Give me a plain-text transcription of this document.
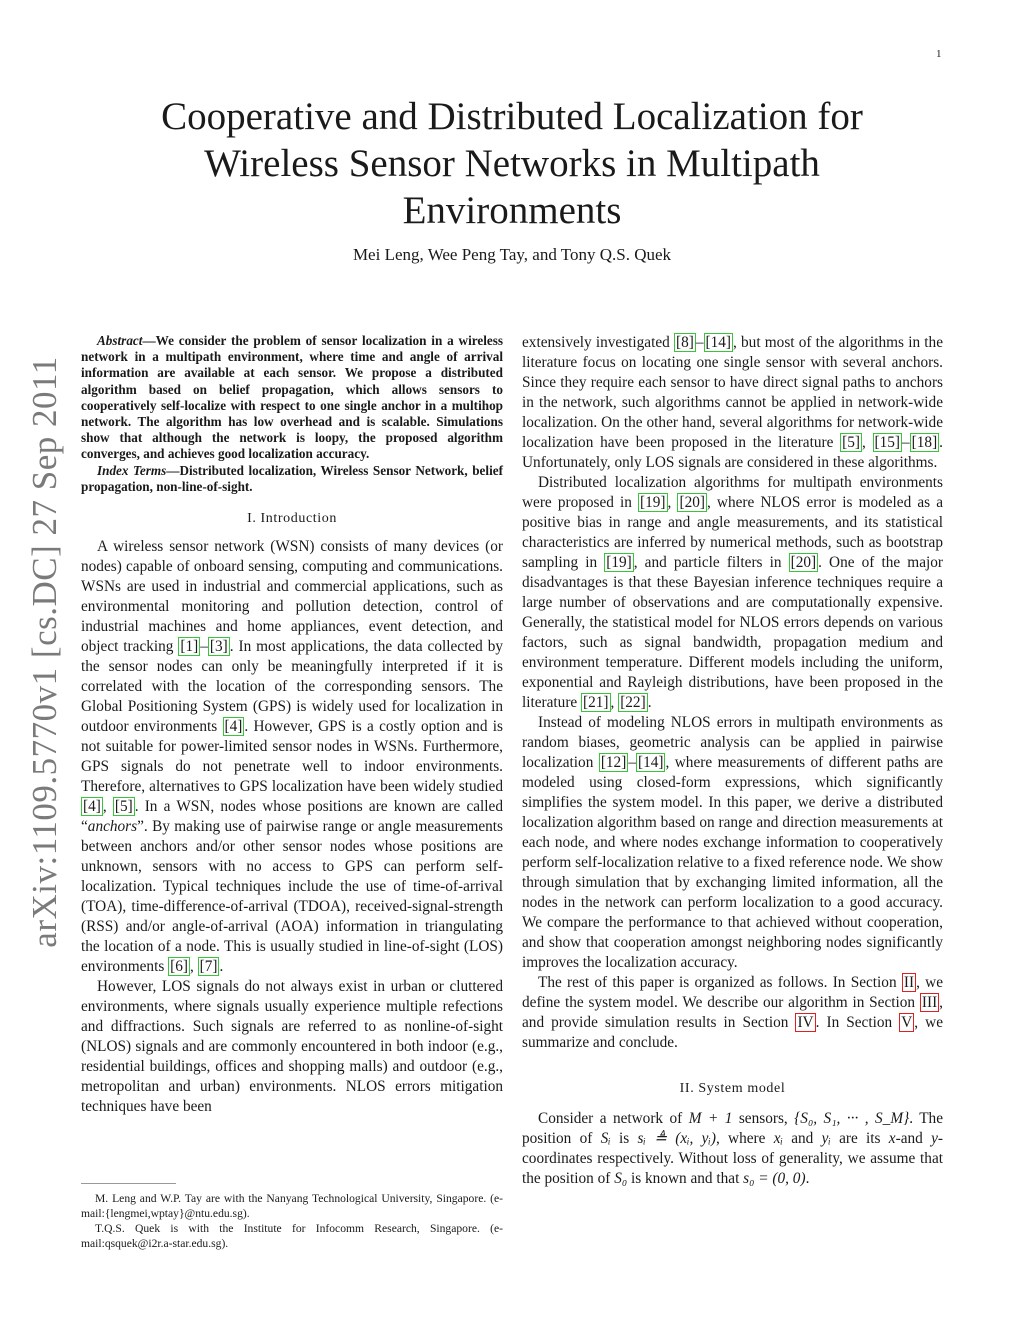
1
arXiv:1109.5770v1 [cs.DC] 27 Sep 2011
Cooperative and Distributed Localization for Wireless Sensor Networks in Multipath Environments
Mei Leng, Wee Peng Tay, and Tony Q.S. Quek

Abstract—We consider the problem of sensor localization in a wireless network in a multipath environment, where time and angle of arrival information are available at each sensor. We propose a distributed algorithm based on belief propagation, which allows sensors to cooperatively self-localize with respect to one single anchor in a multihop network. The algorithm has low overhead and is scalable. Simulations show that although the network is loopy, the proposed algorithm converges, and achieves good localization accuracy.

Index Terms—Distributed localization, Wireless Sensor Network, belief propagation, non-line-of-sight.

I. Introduction

A wireless sensor network (WSN) consists of many devices (or nodes) capable of onboard sensing, computing and communications. WSNs are used in industrial and commercial applications, such as environmental monitoring and pollution detection, control of industrial machines and home appliances, event detection, and object tracking [1] – [3] . In most applications, the data collected by the sensor nodes can only be meaningfully interpreted if it is correlated with the location of the corresponding sensors. The Global Positioning System (GPS) is widely used for localization in outdoor environments [4] . However, GPS is a costly option and is not suitable for power-limited sensor nodes in WSNs. Furthermore, GPS signals do not penetrate well to indoor environments. Therefore, alternatives to GPS localization have been widely studied [4] , [5] . In a WSN, nodes whose positions are known are called “anchors”. By making use of pairwise range or angle measurements between anchors and/or other sensor nodes whose positions are unknown, sensors with no access to GPS can perform self-localization. Typical techniques include the use of time-of-arrival (TOA), time-difference-of-arrival (TDOA), received-signal-strength (RSS) and/or angle-of-arrival (AOA) information in triangulating the location of a node. This is usually studied in line-of-sight (LOS) environments [6] , [7] .

However, LOS signals do not always exist in urban or cluttered environments, where signals usually experience multiple refections and diffractions. Such signals are referred to as nonline-of-sight (NLOS) signals and are commonly encountered in both indoor (e.g., residential buildings, offices and shopping malls) and outdoor (e.g., metropolitan and urban) environments. NLOS errors mitigation techniques have been

M. Leng and W.P. Tay are with the Nanyang Technological University, Singapore. (e-mail:{lengmei,wptay}@ntu.edu.sg).

T.Q.S. Quek is with the Institute for Infocomm Research, Singapore. (e-mail:qsquek@i2r.a-star.edu.sg).

extensively investigated [8] – [14] , but most of the algorithms in the literature focus on locating one single sensor with several anchors. Since they require each sensor to have direct signal paths to anchors in the network, such algorithms cannot be applied in network-wide localization. On the other hand, several algorithms for network-wide localization have been proposed in the literature [5] , [15] – [18] . Unfortunately, only LOS signals are considered in these algorithms.

Distributed localization algorithms for multipath environments were proposed in [19] , [20] , where NLOS error is modeled as a positive bias in range and angle measurements, and its statistical characteristics are inferred by numerical methods, such as bootstrap sampling in [19] , and particle filters in [20] . One of the major disadvantages is that these Bayesian inference techniques require a large number of observations and are computationally expensive. Generally, the statistical model for NLOS errors depends on various factors, such as signal bandwidth, propagation medium and environment temperature. Different models including the uniform, exponential and Rayleigh distributions, have been proposed in the literature [21] , [22] .

Instead of modeling NLOS errors in multipath environments as random biases, geometric analysis can be applied in pairwise localization [12] – [14] , where measurements of different paths are modeled using closed-form expressions, which significantly simplifies the system model. In this paper, we derive a distributed localization algorithm based on range and direction measurements at each node, and where nodes exchange information to cooperatively perform self-localization relative to a fixed reference node. We show through simulation that by exchanging limited information, all the nodes in the network can perform localization to a good accuracy. We compare the performance to that achieved without cooperation, and show that cooperation amongst neighboring nodes significantly improves the localization accuracy.

The rest of this paper is organized as follows. In Section II , we define the system model. We describe our algorithm in Section III , and provide simulation results in Section IV . In Section V , we summarize and conclude.

II. System model

Consider a network of M + 1 sensors, {S₀, S₁, ··· , S_M}. The position of Sᵢ is sᵢ ≜ (xᵢ, yᵢ), where xᵢ and yᵢ are its x-and y-coordinates respectively. Without loss of generality, we assume that the position of S₀ is known and that s₀ = (0, 0).
